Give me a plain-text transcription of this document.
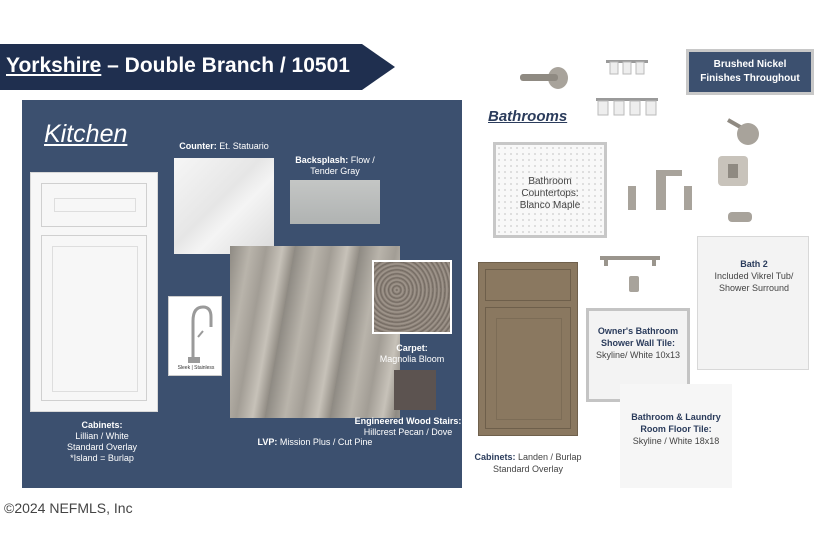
Yorkshire – Double Branch / 10501
Kitchen	Counter: Et. Statuario
Backsplash: Flow /
Tender Gray
Carpet:
Magnolia Bloom
Engineered Wood Stairs:
Hillcrest Pecan / Dove
LVP: Mission Plus / Cut Pine
Sleek | Stainless
Cabinets:
Lillian / White
Standard Overlay
*Island = Burlap
©2024 NEFMLS, Inc
Bathrooms
Bathroom
Countertops:
Blanco Maple
Cabinets: Landen / Burlap
Standard Overlay
Brushed Nickel
Finishes Throughout
Bath 2
Included Vikrel Tub/
Shower Surround
Owner's Bathroom
Shower Wall Tile:
Skyline/ White 10x13
Bathroom & Laundry
Room Floor Tile:
Skyline / White 18x18
